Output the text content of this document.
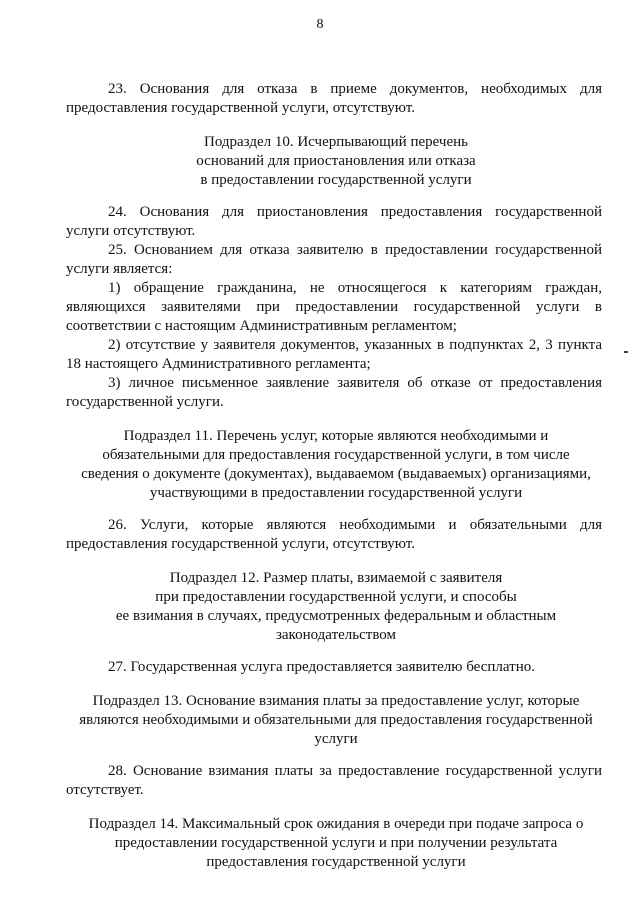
8
23. Основания для отказа в приеме документов, необходимых для
предоставления государственной услуги, отсутствуют.
Подраздел 10. Исчерпывающий перечень
оснований для приостановления или отказа
в предоставлении государственной услуги
24. Основания для приостановления предоставления государственной
услуги отсутствуют.
25. Основанием для отказа заявителю в предоставлении государственной
услуги является:
1) обращение гражданина, не относящегося к категориям граждан,
являющихся заявителями при предоставлении государственной услуги в
соответствии с настоящим Административным регламентом;
2) отсутствие у заявителя документов, указанных в подпунктах 2, 3 пункта
18 настоящего Административного регламента;
3) личное письменное заявление заявителя об отказе от предоставления
государственной услуги.
Подраздел 11. Перечень услуг, которые являются необходимыми и
обязательными для предоставления государственной услуги, в том числе
сведения о документе (документах), выдаваемом (выдаваемых) организациями,
участвующими в предоставлении государственной услуги
26. Услуги, которые являются необходимыми и обязательными для
предоставления государственной услуги, отсутствуют.
Подраздел 12. Размер платы, взимаемой с заявителя
при предоставлении государственной услуги, и способы
ее взимания в случаях, предусмотренных федеральным и областным
законодательством
27. Государственная услуга предоставляется заявителю бесплатно.
Подраздел 13. Основание взимания платы за предоставление услуг, которые
являются необходимыми и обязательными для предоставления государственной
услуги
28. Основание взимания платы за предоставление государственной услуги
отсутствует.
Подраздел 14. Максимальный срок ожидания в очереди при подаче запроса о
предоставлении государственной услуги и при получении результата
предоставления государственной услуги
